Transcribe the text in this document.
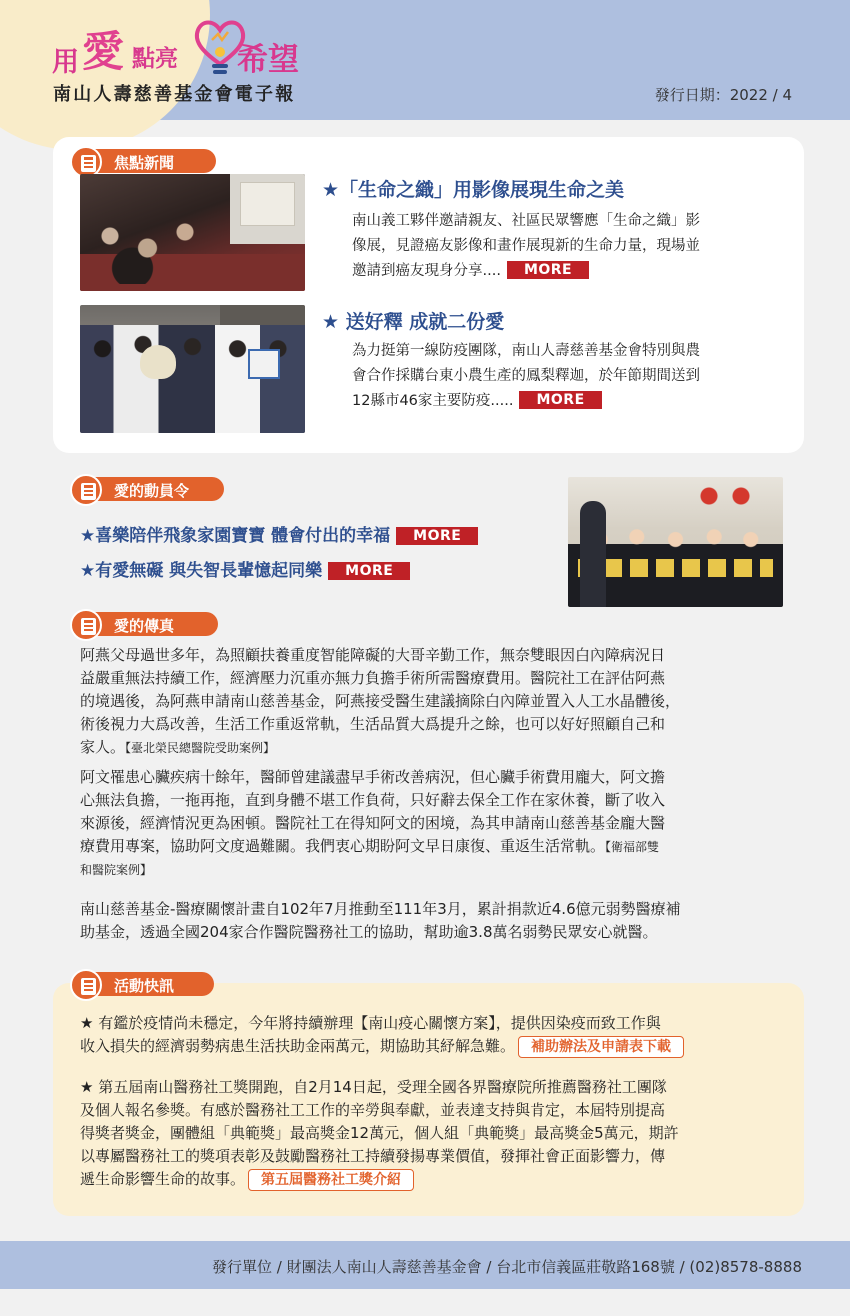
用 愛 點亮 希望
南山人壽慈善基金會電子報	發行日期：2022 / 4
焦點新聞
★「生命之織」用影像展現生命之美
南山義工夥伴邀請親友、社區民眾響應「生命之織」影
像展，見證癌友影像和畫作展現新的生命力量，現場並
邀請到癌友現身分享.... MORE
★ 送好釋 成就二份愛
為力挺第一線防疫團隊，南山人壽慈善基金會特別與農
會合作採購台東小農生產的鳳梨釋迦，於年節期間送到
12縣市46家主要防疫..... MORE
愛的動員令
★喜樂陪伴飛象家園寶寶 體會付出的幸福 MORE
★有愛無礙 與失智長輩憶起同樂 MORE
愛的傳真
阿燕父母過世多年，為照顧扶養重度智能障礙的大哥辛勤工作，無奈雙眼因白內障病況日
益嚴重無法持續工作，經濟壓力沉重亦無力負擔手術所需醫療費用。醫院社工在評估阿燕
的境遇後，為阿燕申請南山慈善基金，阿燕接受醫生建議摘除白內障並置入人工水晶體後，
術後視力大爲改善，生活工作重返常軌，生活品質大爲提升之餘，也可以好好照顧自己和
家人。【臺北榮民總醫院受助案例】
阿文罹患心臟疾病十餘年，醫師曾建議盡早手術改善病況，但心臟手術費用龐大，阿文擔
心無法負擔，一拖再拖，直到身體不堪工作負荷，只好辭去保全工作在家休養，斷了收入
來源後，經濟情況更為困頓。醫院社工在得知阿文的困境，為其申請南山慈善基金龐大醫
療費用專案，協助阿文度過難關。我們衷心期盼阿文早日康復、重返生活常軌。【衛福部雙
和醫院案例】
南山慈善基金-醫療關懷計畫自102年7月推動至111年3月，累計捐款近4.6億元弱勢醫療補
助基金，透過全國204家合作醫院醫務社工的協助，幫助逾3.8萬名弱勢民眾安心就醫。
活動快訊
★ 有鑑於疫情尚未穩定，今年將持續辦理【南山疫心關懷方案】，提供因染疫而致工作與
收入損失的經濟弱勢病患生活扶助金兩萬元，期協助其紓解急難。 補助辦法及申請表下載
★ 第五屆南山醫務社工獎開跑，自2月14日起，受理全國各界醫療院所推薦醫務社工團隊
及個人報名參獎。有感於醫務社工工作的辛勞與奉獻，並表達支持與肯定，本屆特別提高
得獎者獎金，團體組「典範獎」最高獎金12萬元，個人組「典範獎」最高獎金5萬元，期許
以專屬醫務社工的獎項表彰及鼓勵醫務社工持續發揚專業價值，發揮社會正面影響力，傳
遞生命影響生命的故事。 第五屆醫務社工獎介紹
發行單位 / 財團法人南山人壽慈善基金會 / 台北市信義區莊敬路168號 / (02)8578-8888
